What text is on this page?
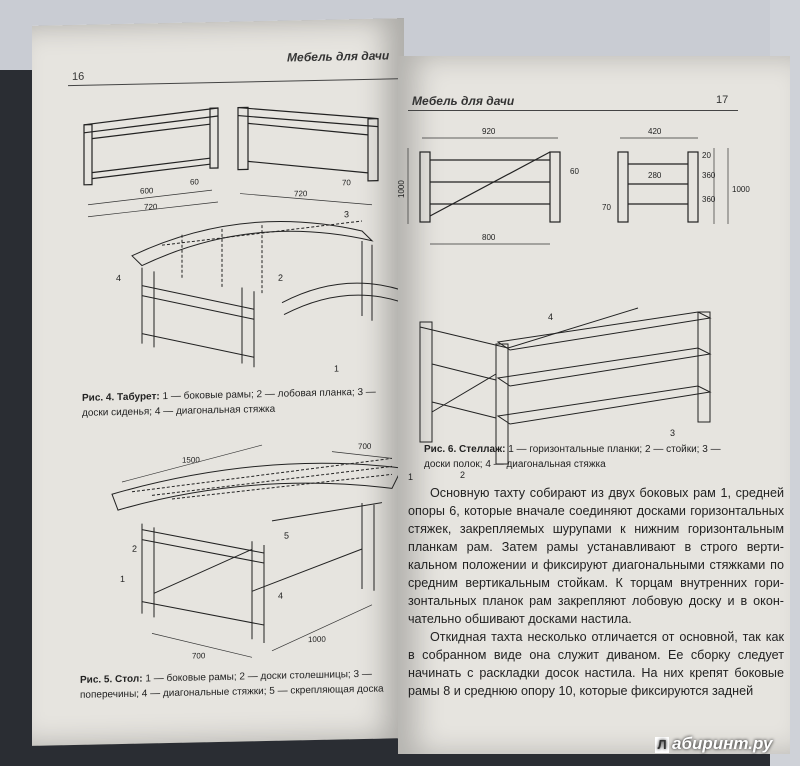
Мебель для дачи
16
600
60
720
720
70
3
4
1
2
Рис. 4. Табурет: 1 — боковые рамы; 2 — лобовая планка; 3 —
доски сиденья; 4 — диагональная стяжка
1500
700
700
1000
2
1
5
4
Рис. 5. Стол: 1 — боковые рамы; 2 — доски столешницы; 3 —
поперечины; 4 — диагональные стяжки; 5 — скрепляющая доска
Мебель для дачи	17
920
60
1000
800
420
280
70
1000
360
360
20
4
1	2
3
Рис. 6. Стеллаж: 1 — горизонтальные планки; 2 — стойки; 3 —
доски полок; 4 — диагональная стяжка

Основную тахту собирают из двух боковых рам 1, средней опоры 6, которые вначале соединяют досками горизонтальных стяжек, закрепляемых шурупами к нижним горизонтальным планкам рам. Затем рамы устанавливают в строго вертикальном положении и фиксируют диагональными стяжками по средним вертикальным стойкам. К торцам внутренних горизонтальных планок рам закрепляют лобовую доску и в окончательно обшивают досками настила.

Откидная тахта несколько отличается от основной, так как в собранном виде она служит диваном. Ее сборку следует начинать с раскладки досок настила. На них крепят боковые рамы 8 и среднюю опору 10, которые фиксируются задней

Л абиринт.ру
